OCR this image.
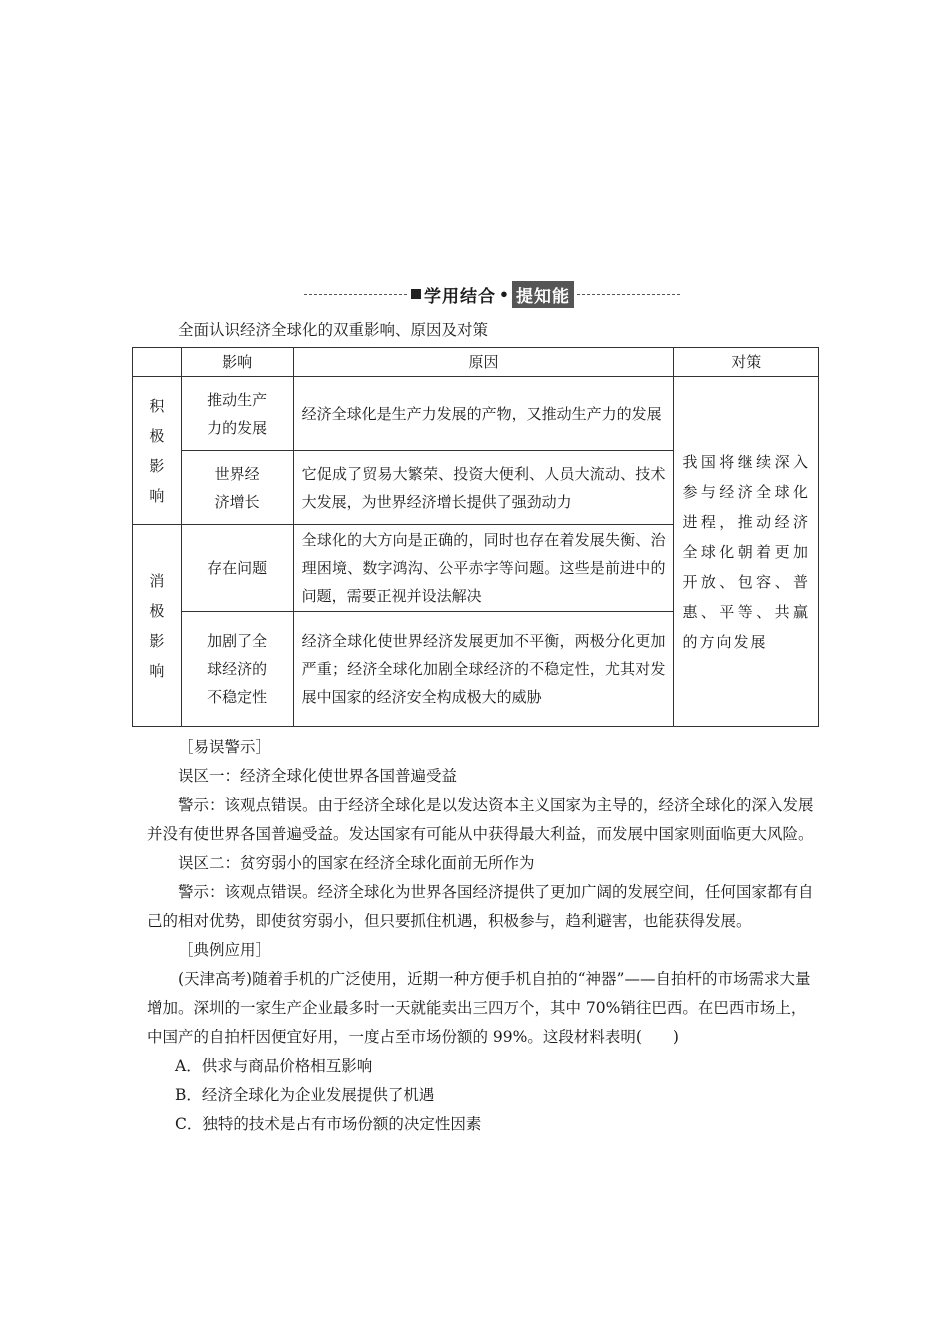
学用结合 • 提知能
全面认识经济全球化的双重影响、原因及对策
	影响	原因	对策
积极影响	推动生产力的发展	经济全球化是生产力发展的产物，又推动生产力的发展	我国将继续深入参与经济全球化进程，推动经济全球化朝着更加开放、包容、普惠、平等、共赢的方向发展

	世界经济增长	它促成了贸易大繁荣、投资大便利、人员大流动、技术大发展，为世界经济增长提供了强劲动力	
消极影响	存在问题	全球化的大方向是正确的，同时也存在着发展失衡、治理困境、数字鸿沟、公平赤字等问题。这些是前进中的问题，需要正视并设法解决	

	加剧了全球经济的不稳定性	经济全球化使世界经济发展更加不平衡，两极分化更加严重；经济全球化加剧全球经济的不稳定性，尤其对发展中国家的经济安全构成极大的威胁	

［易误警示］

误区一：经济全球化使世界各国普遍受益

警示：该观点错误。由于经济全球化是以发达资本主义国家为主导的，经济全球化的深入发展并没有使世界各国普遍受益。发达国家有可能从中获得最大利益，而发展中国家则面临更大风险。

误区二：贫穷弱小的国家在经济全球化面前无所作为

警示：该观点错误。经济全球化为世界各国经济提供了更加广阔的发展空间，任何国家都有自己的相对优势，即使贫穷弱小，但只要抓住机遇，积极参与，趋利避害，也能获得发展。

［典例应用］

(天津高考)随着手机的广泛使用，近期一种方便手机自拍的“神器”——自拍杆的市场需求大量增加。深圳的一家生产企业最多时一天就能卖出三四万个，其中 70%销往巴西。在巴西市场上，中国产的自拍杆因便宜好用，一度占至市场份额的 99%。这段材料表明(　　)

A．供求与商品价格相互影响

B．经济全球化为企业发展提供了机遇

C．独特的技术是占有市场份额的决定性因素
